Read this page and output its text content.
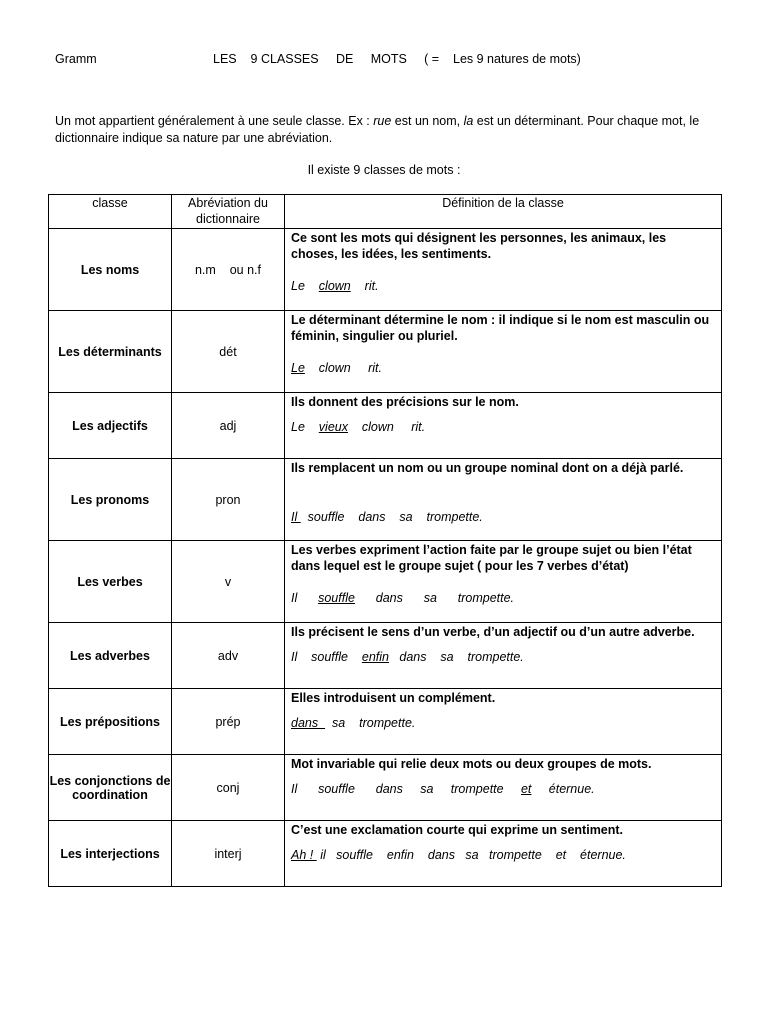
Gramm	LES    9 CLASSES     DE     MOTS     ( =    Les 9 natures de mots)
Un mot appartient généralement à une seule classe. Ex : rue est un nom, la est un déterminant. Pour chaque mot, le dictionnaire indique sa nature par une abréviation.
Il existe 9 classes de mots :
classe	Abréviation du dictionnaire	Définition de la classe
Les noms	n.m    ou n.f	Ce sont les mots qui désignent les personnes, les animaux, les choses, les idées, les sentiments.
Le    clown    rit.

Les déterminants	dét	Le déterminant détermine le nom : il indique si le nom est masculin ou féminin, singulier ou pluriel.
Le    clown     rit.

Les adjectifs	adj	Ils donnent des précisions sur le nom.
Le    vieux    clown     rit.

Les pronoms	pron	Ils remplacent un nom ou un groupe nominal dont on a déjà parlé.
Il   souffle    dans    sa    trompette.

Les verbes	v	Les verbes expriment l’action faite par le groupe sujet ou bien l’état dans lequel est le groupe sujet ( pour les 7 verbes d’état)
Il      souffle      dans      sa      trompette.

Les adverbes	adv	Ils précisent le sens d’un verbe, d’un adjectif ou d’un autre adverbe.
Il    souffle    enfin   dans    sa    trompette.

Les prépositions	prép	Elles introduisent un complément.
dans    sa    trompette.

Les conjonctions de coordination	conj	Mot invariable qui relie deux mots ou deux groupes de mots.
Il      souffle      dans     sa     trompette     et     éternue.

Les interjections	interj	C’est une exclamation courte qui exprime un sentiment.
Ah !  il   souffle    enfin    dans   sa   trompette    et    éternue.
